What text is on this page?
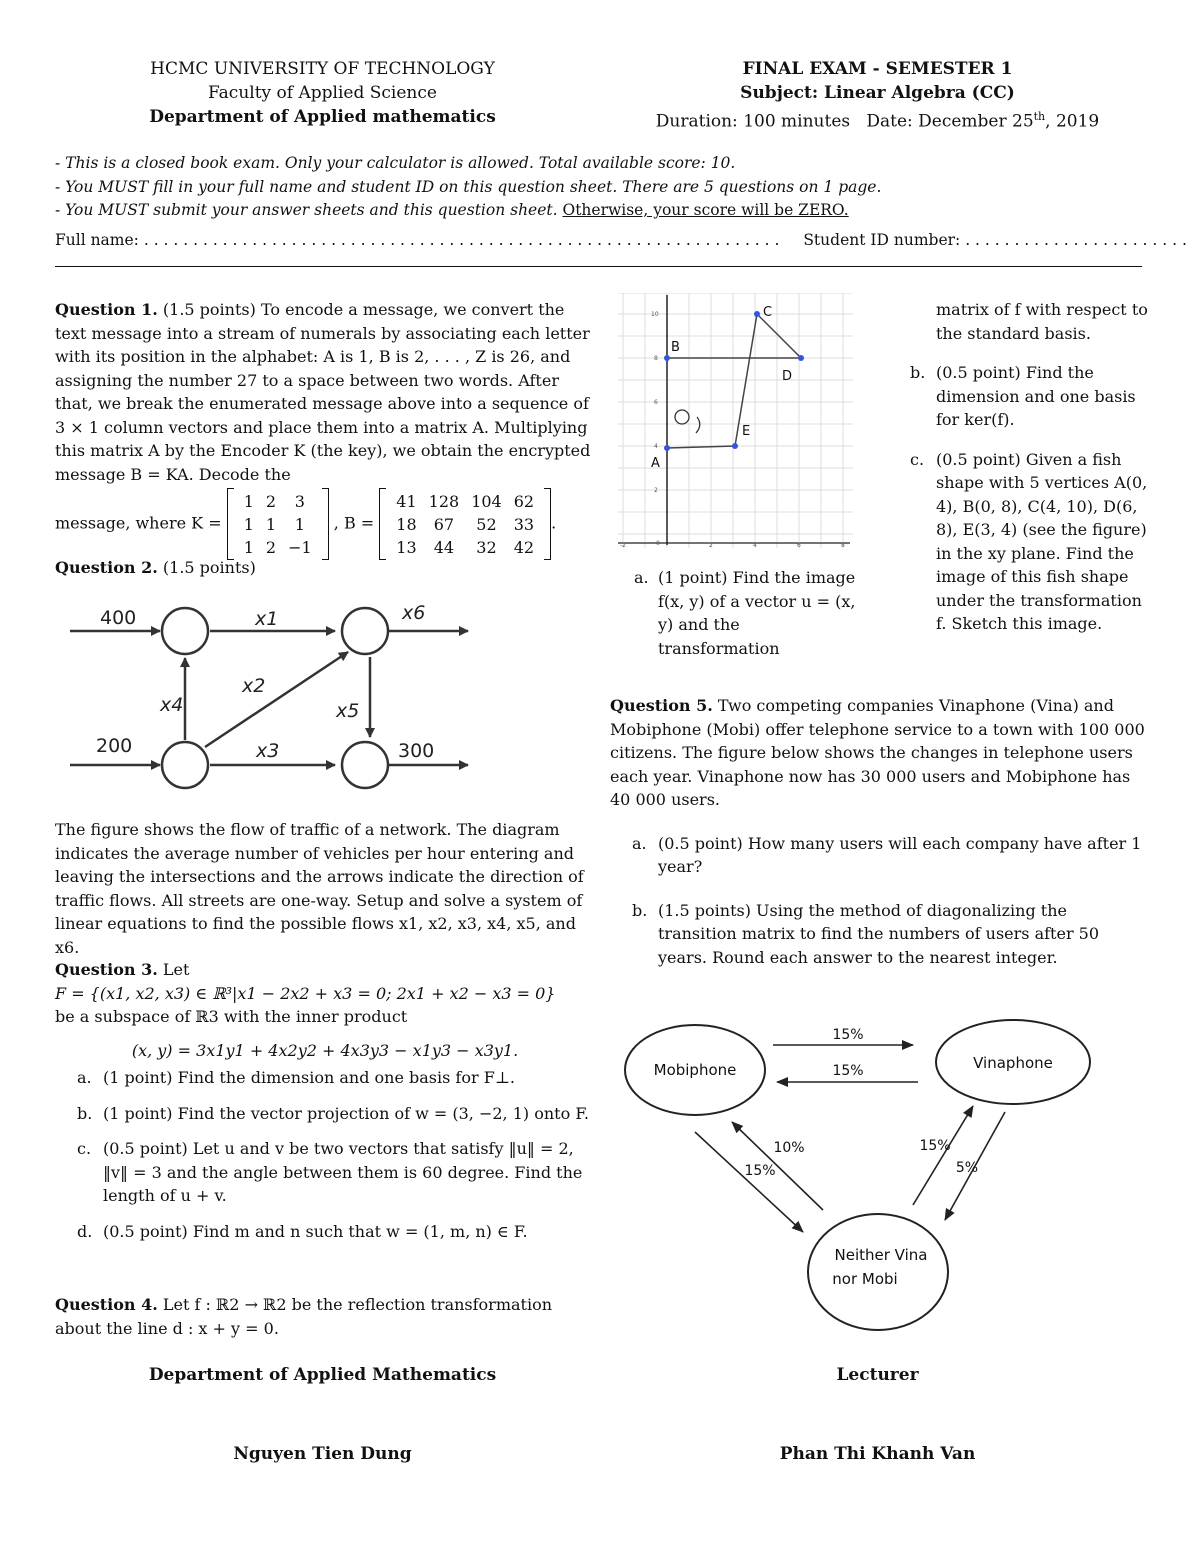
HCMC UNIVERSITY OF TECHNOLOGY
Faculty of Applied Science
Department of Applied mathematics
FINAL EXAM - SEMESTER 1
Subject: Linear Algebra (CC)
Duration: 100 minutes Date: December 25th, 2019
- This is a closed book exam. Only your calculator is allowed. Total available score: 10.
- You MUST fill in your full name and student ID on this question sheet. There are 5 questions on 1 page.
- You MUST submit your answer sheets and this question sheet. Otherwise, your score will be ZERO.
Full name: . . . . . . . . . . . . . . . . . . . . . . . . . . . . . . . . . . . . . . . . . . . . . . . . . . . . . . . . . . . . . . . . . Student ID number: . . . . . . . . . . . . . . . . . . . . . . .
Question 1. (1.5 points) To encode a message, we convert the text message into a stream of numerals by associating each letter with its position in the alphabet: A is 1, B is 2, . . . , Z is 26, and assigning the number 27 to a space between two words. After that, we break the enumerated message above into a sequence of 3 × 1 column vectors and place them into a matrix A. Multiplying this matrix A by the Encoder K (the key), we obtain the encrypted message B = KA. Decode the
message, where K = 1	2	3
1	1	1
1	2	−1 , B = 41	128	104	62
18	67	52	33
13	44	32	42.
Question 2. (1.5 points)
400
200	300
x1	x6
x2
x4	x5
x3
The figure shows the flow of traffic of a network. The diagram indicates the average number of vehicles per hour entering and leaving the intersections and the arrows indicate the direction of traffic flows. All streets are one-way. Setup and solve a system of linear equations to find the possible flows x1, x2, x3, x4, x5, and x6.
Question 3. Let
F = {(x1, x2, x3) ∈ ℝ³|x1 − 2x2 + x3 = 0; 2x1 + x2 − x3 = 0}
be a subspace of ℝ3 with the inner product
(x, y) = 3x1y1 + 4x2y2 + 4x3y3 − x1y3 − x3y1.
a. (1 point) Find the dimension and one basis for F⊥.
b. (1 point) Find the vector projection of w = (3, −2, 1) onto F.
c. (0.5 point) Let u and v be two vectors that satisfy ‖u‖ = 2, ‖v‖ = 3 and the angle between them is 60 degree. Find the length of u + v.
d. (0.5 point) Find m and n such that w = (1, m, n) ∈ F.
Question 4. Let f : ℝ2 → ℝ2 be the reflection transformation about the line d : x + y = 0.
A
B
C
D
E
10
8
6
4
2
0
-2	2	4	6	8
a. (1 point) Find the image f(x, y) of a vector u = (x, y) and the transformation
matrix of f with respect to the standard basis.
b. (0.5 point) Find the dimension and one basis for ker(f).
c. (0.5 point) Given a fish shape with 5 vertices A(0, 4), B(0, 8), C(4, 10), D(6, 8), E(3, 4) (see the figure) in the xy plane. Find the image of this fish shape under the transformation f. Sketch this image.
Question 5. Two competing companies Vinaphone (Vina) and Mobiphone (Mobi) offer telephone service to a town with 100 000 citizens. The figure below shows the changes in telephone users each year. Vinaphone now has 30 000 users and Mobiphone has 40 000 users.
a. (0.5 point) How many users will each company have after 1 year?
b. (1.5 points) Using the method of diagonalizing the transition matrix to find the numbers of users after 50 years. Round each answer to the nearest integer.
Mobiphone	Vinaphone
Neither Vina
nor Mobi
15%
15%
10%
15%
15%
5%
Department of Applied Mathematics	Lecturer
Nguyen Tien Dung	Phan Thi Khanh Van
